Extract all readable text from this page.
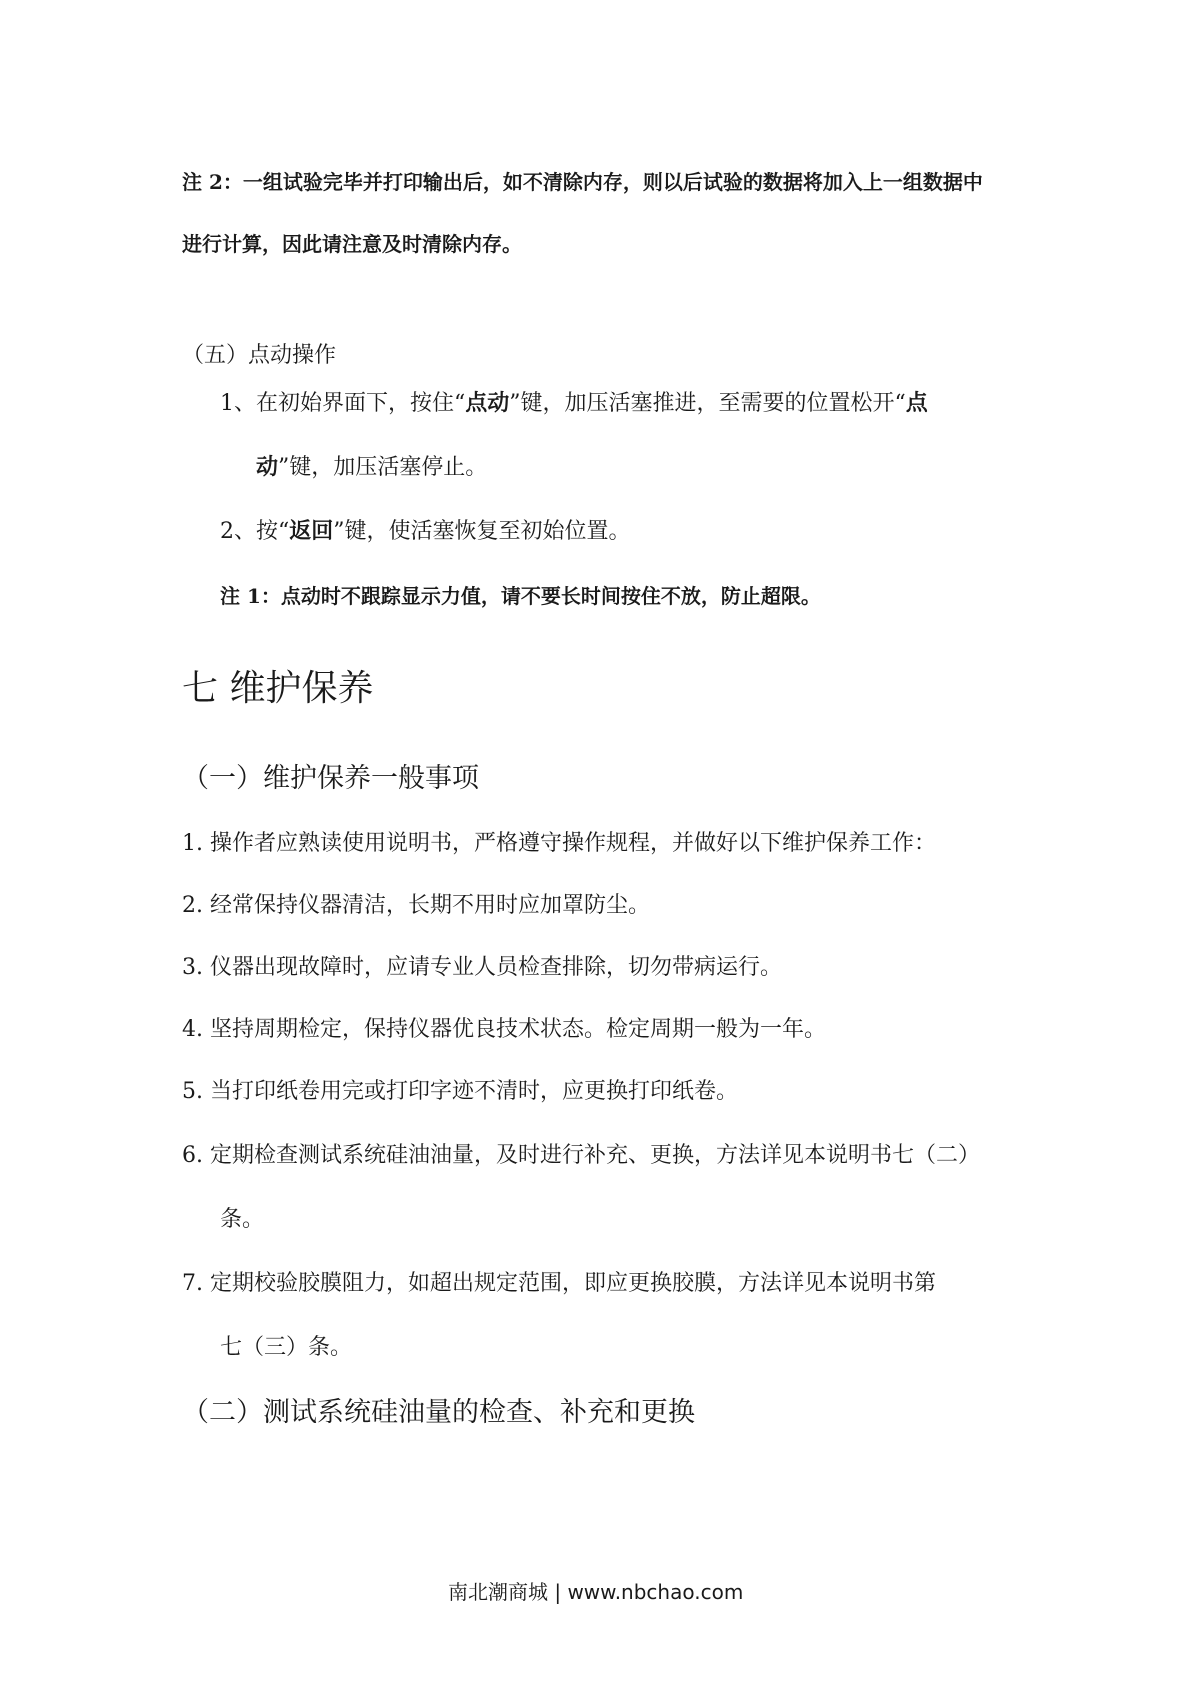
注 2：一组试验完毕并打印输出后，如不清除内存，则以后试验的数据将加入上一组数据中
进行计算，因此请注意及时清除内存。
（五）点动操作
1、在初始界面下，按住“点动”键，加压活塞推进，至需要的位置松开“点
动”键，加压活塞停止。
2、按“返回”键，使活塞恢复至初始位置。
注 1：点动时不跟踪显示力值，请不要长时间按住不放，防止超限。
七 维护保养
（一）维护保养一般事项
1. 操作者应熟读使用说明书，严格遵守操作规程，并做好以下维护保养工作：
2. 经常保持仪器清洁，长期不用时应加罩防尘。
3. 仪器出现故障时，应请专业人员检查排除，切勿带病运行。
4. 坚持周期检定，保持仪器优良技术状态。检定周期一般为一年。
5. 当打印纸卷用完或打印字迹不清时，应更换打印纸卷。
6. 定期检查测试系统硅油油量，及时进行补充、更换，方法详见本说明书七（二）
条。
7. 定期校验胶膜阻力，如超出规定范围，即应更换胶膜，方法详见本说明书第
七（三）条。
（二）测试系统硅油量的检查、补充和更换
南北潮商城 | www.nbchao.com
